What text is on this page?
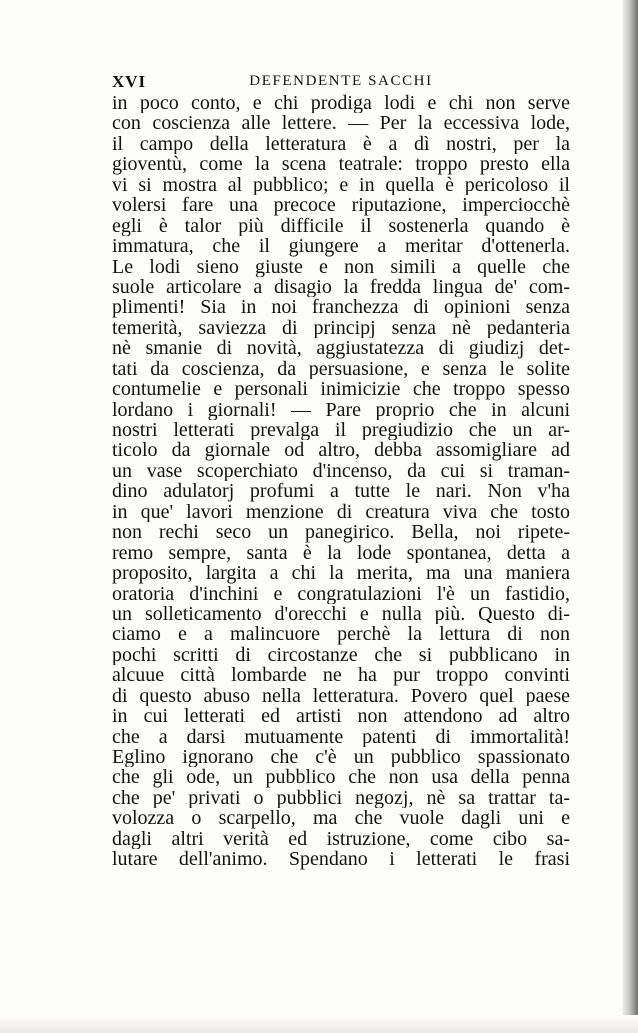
XVI	DEFENDENTE SACCHI
in poco conto, e chi prodiga lodi e chi non serve
con coscienza alle lettere. — Per la eccessiva lode,
il campo della letteratura è a dì nostri, per la
gioventù, come la scena teatrale: troppo presto ella
vi si mostra al pubblico; e in quella è pericoloso il
volersi fare una precoce riputazione, imperciocchè
egli è talor più difficile il sostenerla quando è
immatura, che il giungere a meritar d'ottenerla.
Le lodi sieno giuste e non simili a quelle che
suole articolare a disagio la fredda lingua de' com-
plimenti! Sia in noi franchezza di opinioni senza
temerità, saviezza di principj senza nè pedanteria
nè smanie di novità, aggiustatezza di giudizj det-
tati da coscienza, da persuasione, e senza le solite
contumelie e personali inimicizie che troppo spesso
lordano i giornali! — Pare proprio che in alcuni
nostri letterati prevalga il pregiudizio che un ar-
ticolo da giornale od altro, debba assomigliare ad
un vase scoperchiato d'incenso, da cui si traman-
dino adulatorj profumi a tutte le nari. Non v'ha
in que' lavori menzione di creatura viva che tosto
non rechi seco un panegirico. Bella, noi ripete-
remo sempre, santa è la lode spontanea, detta a
proposito, largita a chi la merita, ma una maniera
oratoria d'inchini e congratulazioni l'è un fastidio,
un solleticamento d'orecchi e nulla più. Questo di-
ciamo e a malincuore perchè la lettura di non
pochi scritti di circostanze che si pubblicano in
alcuue città lombarde ne ha pur troppo convinti
di questo abuso nella letteratura. Povero quel paese
in cui letterati ed artisti non attendono ad altro
che a darsi mutuamente patenti di immortalità!
Eglino ignorano che c'è un pubblico spassionato
che gli ode, un pubblico che non usa della penna
che pe' privati o pubblici negozj, nè sa trattar ta-
volozza o scarpello, ma che vuole dagli uni e
dagli altri verità ed istruzione, come cibo sa-
lutare dell'animo. Spendano i letterati le frasi
